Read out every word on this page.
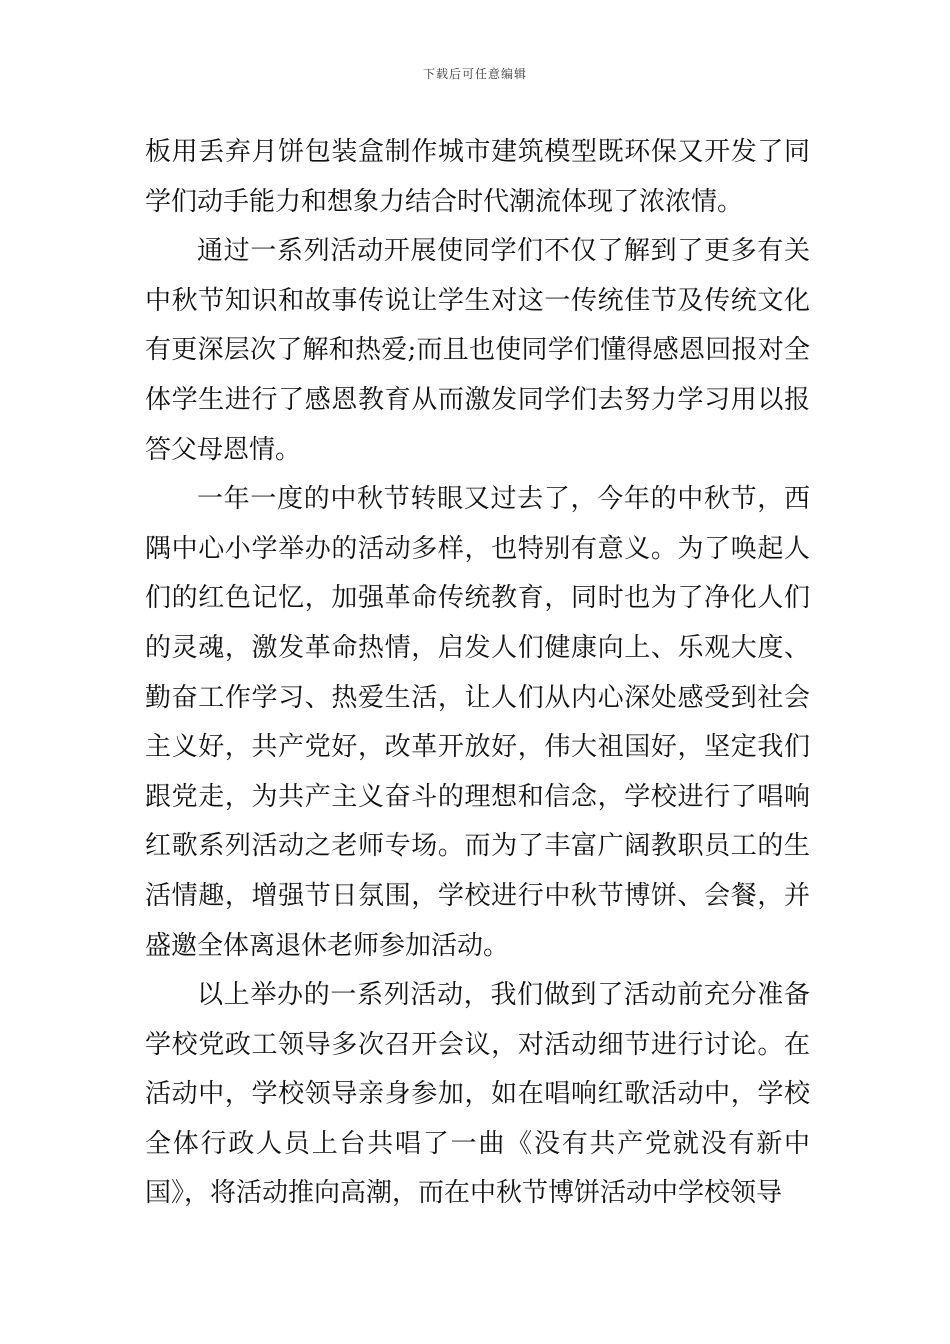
下载后可任意编辑

板用丢弃月饼包装盒制作城市建筑模型既环保又开发了同学们动手能力和想象力结合时代潮流体现了浓浓情。

通过一系列活动开展使同学们不仅了解到了更多有关中秋节知识和故事传说让学生对这一传统佳节及传统文化有更深层次了解和热爱;而且也使同学们懂得感恩回报对全体学生进行了感恩教育从而激发同学们去努力学习用以报答父母恩情。

一年一度的中秋节转眼又过去了，今年的中秋节，西隅中心小学举办的活动多样，也特别有意义。为了唤起人们的红色记忆，加强革命传统教育，同时也为了净化人们的灵魂，激发革命热情，启发人们健康向上、乐观大度、勤奋工作学习、热爱生活，让人们从内心深处感受到社会主义好，共产党好，改革开放好，伟大祖国好，坚定我们跟党走，为共产主义奋斗的理想和信念，学校进行了唱响红歌系列活动之老师专场。而为了丰富广阔教职员工的生活情趣，增强节日氛围，学校进行中秋节博饼、会餐，并盛邀全体离退休老师参加活动。

以上举办的一系列活动，我们做到了活动前充分准备学校党政工领导多次召开会议，对活动细节进行讨论。在活动中，学校领导亲身参加，如在唱响红歌活动中，学校全体行政人员上台共唱了一曲《没有共产党就没有新中国》，将活动推向高潮，而在中秋节博饼活动中学校领导
